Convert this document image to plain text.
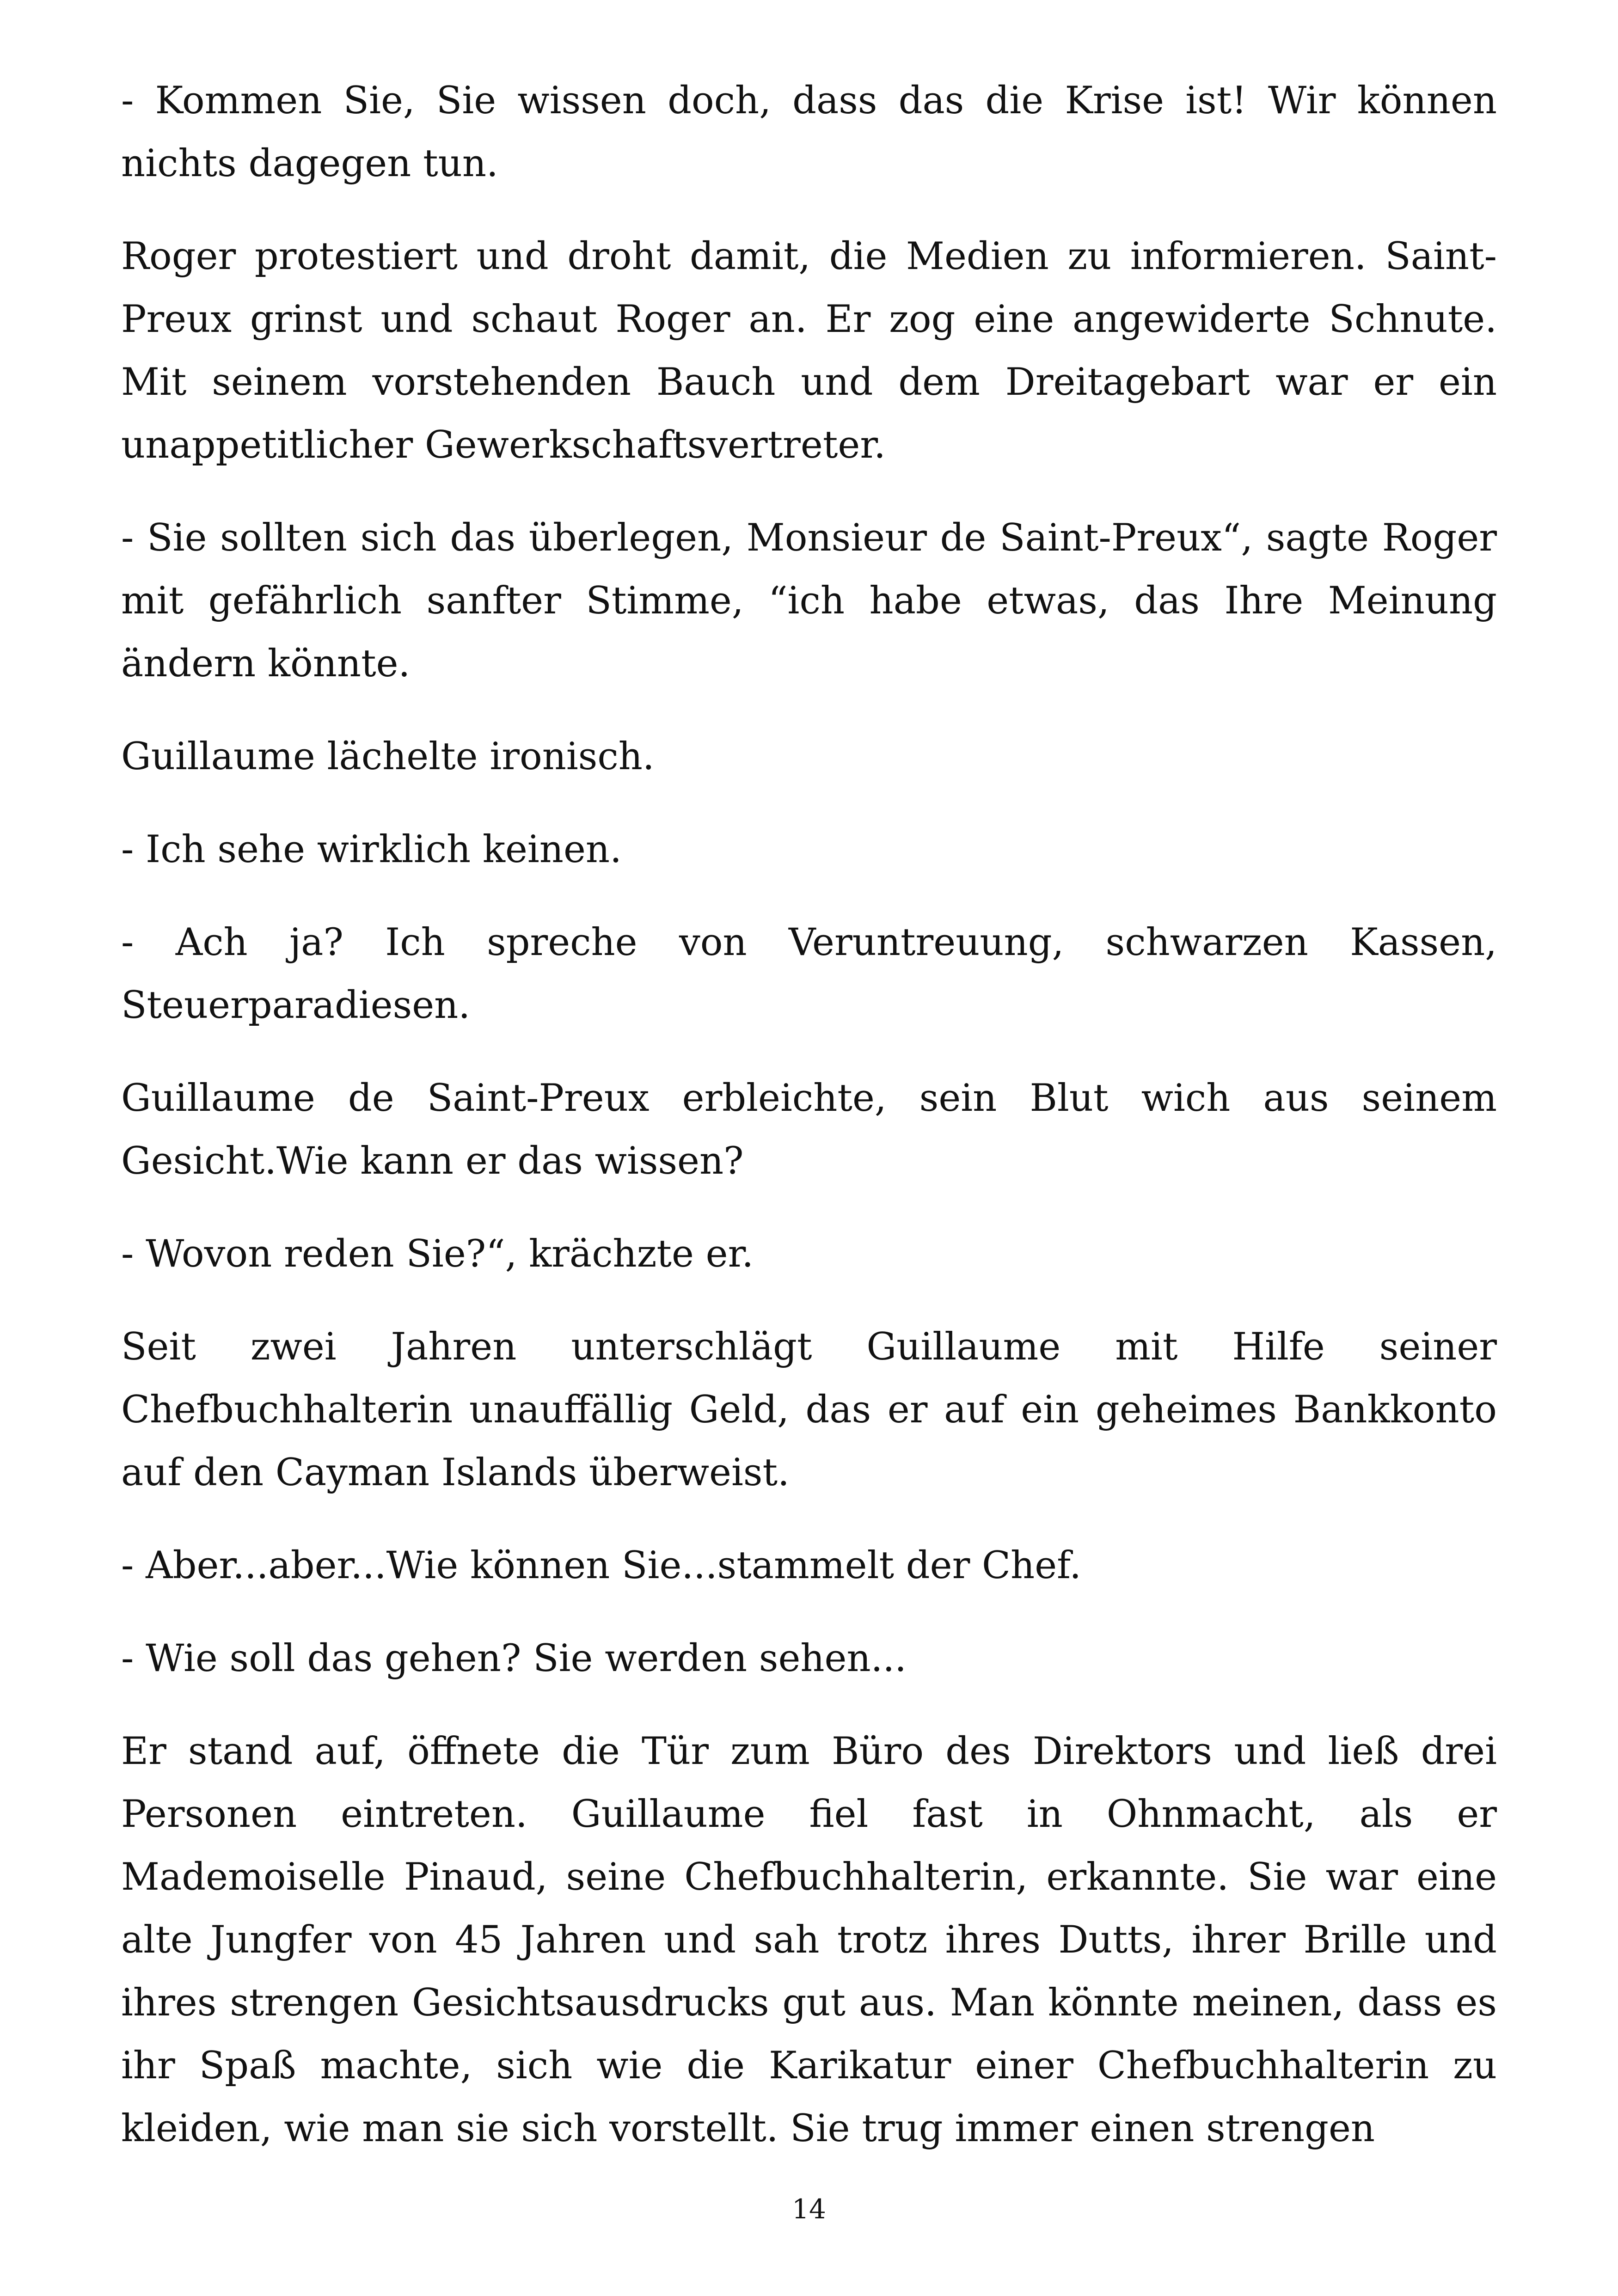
- Kommen Sie, Sie wissen doch, dass das die Krise ist! Wir können nichts dagegen tun.

Roger protestiert und droht damit, die Medien zu informieren. Saint-Preux grinst und schaut Roger an. Er zog eine angewiderte Schnute. Mit seinem vorstehenden Bauch und dem Dreitagebart war er ein unappetitlicher Gewerkschaftsvertreter.

- Sie sollten sich das überlegen, Monsieur de Saint-Preux“, sagte Roger mit gefährlich sanfter Stimme, “ich habe etwas, das Ihre Meinung ändern könnte.

Guillaume lächelte ironisch.

- Ich sehe wirklich keinen.

- Ach ja? Ich spreche von Veruntreuung, schwarzen Kassen, Steuerparadiesen.

Guillaume de Saint-Preux erbleichte, sein Blut wich aus seinem Gesicht.Wie kann er das wissen?

- Wovon reden Sie?“, krächzte er.

Seit zwei Jahren unterschlägt Guillaume mit Hilfe seiner Chefbuchhalterin unauffällig Geld, das er auf ein geheimes Bankkonto auf den Cayman Islands überweist.

- Aber...aber...Wie können Sie...stammelt der Chef.

- Wie soll das gehen? Sie werden sehen...

Er stand auf, öffnete die Tür zum Büro des Direktors und ließ drei Personen eintreten. Guillaume fiel fast in Ohnmacht, als er Mademoiselle Pinaud, seine Chefbuchhalterin, erkannte. Sie war eine alte Jungfer von 45 Jahren und sah trotz ihres Dutts, ihrer Brille und ihres strengen Gesichtsausdrucks gut aus. Man könnte meinen, dass es ihr Spaß machte, sich wie die Karikatur einer Chefbuchhalterin zu kleiden, wie man sie sich vorstellt. Sie trug immer einen strengen

14
